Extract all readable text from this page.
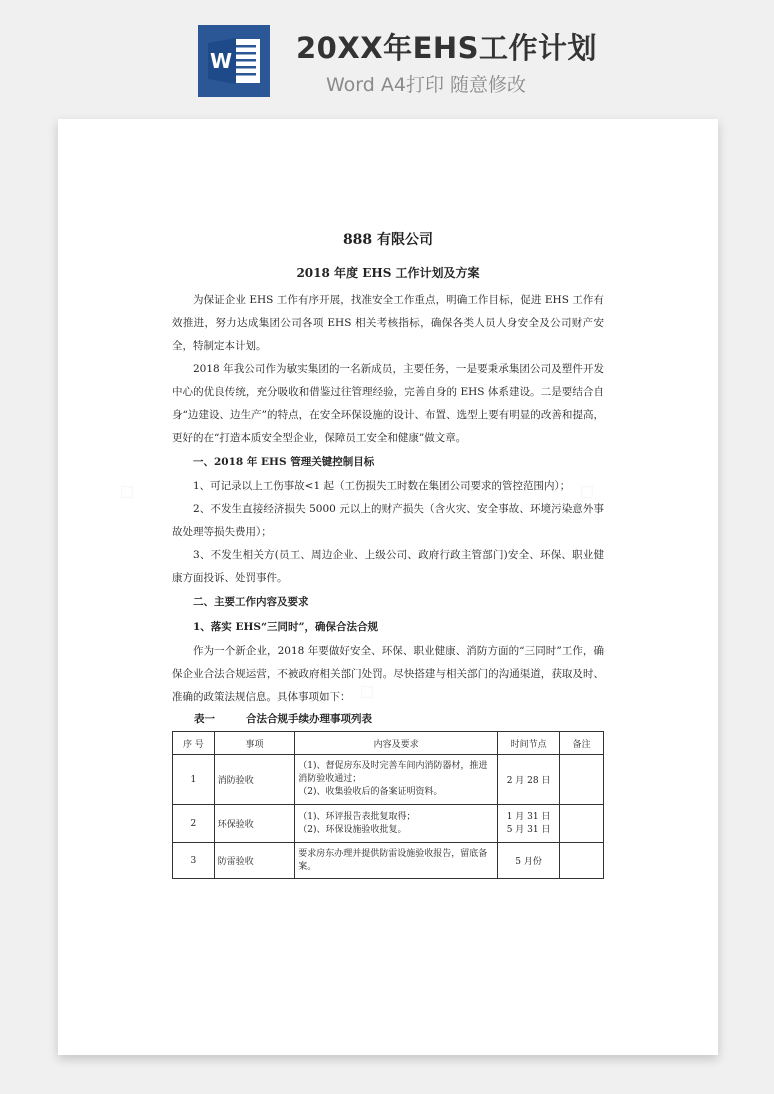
W 20XX年EHS工作计划
Word A4打印 随意修改
888 有限公司
2018 年度 EHS 工作计划及方案

为保证企业 EHS 工作有序开展，找准安全工作重点，明确工作目标，促进 EHS 工作有效推进，努力达成集团公司各项 EHS 相关考核指标，确保各类人员人身安全及公司财产安全，特制定本计划。

2018 年我公司作为敏实集团的一名新成员，主要任务，一是要秉承集团公司及塑件开发中心的优良传统，充分吸收和借鉴过往管理经验，完善自身的 EHS 体系建设。二是要结合自身“边建设、边生产”的特点，在安全环保设施的设计、布置、选型上要有明显的改善和提高，更好的在“打造本质安全型企业，保障员工安全和健康”做文章。

一、2018 年 EHS 管理关键控制目标

1、可记录以上工伤事故<1 起（工伤损失工时数在集团公司要求的管控范围内）；

2、不发生直接经济损失 5000 元以上的财产损失（含火灾、安全事故、环境污染意外事故处理等损失费用）；

3、不发生相关方(员工、周边企业、上级公司、政府行政主管部门)安全、环保、职业健康方面投诉、处罚事件。

二、主要工作内容及要求

1、落实 EHS“三同时”，确保合法合规

作为一个新企业，2018 年要做好安全、环保、职业健康、消防方面的“三同时”工作，确保企业合法合规运营，不被政府相关部门处罚。尽快搭建与相关部门的沟通渠道，获取及时、准确的政策法规信息。具体事项如下：

表一	合法合规手续办理事项列表

序 号	事项	内容及要求	时间节点	备注
1	消防验收	（1)、督促房东及时完善车间内消防器材，推进消防验收通过；
（2)、收集验收后的备案证明资料。	2 月 28 日	
2	环保验收	（1)、环评报告表批复取得；
（2)、环保设施验收批复。	1 月 31 日
5 月 31 日	
3	防雷验收	要求房东办理并提供防雷设施验收报告，留底备案。	5 月份	
